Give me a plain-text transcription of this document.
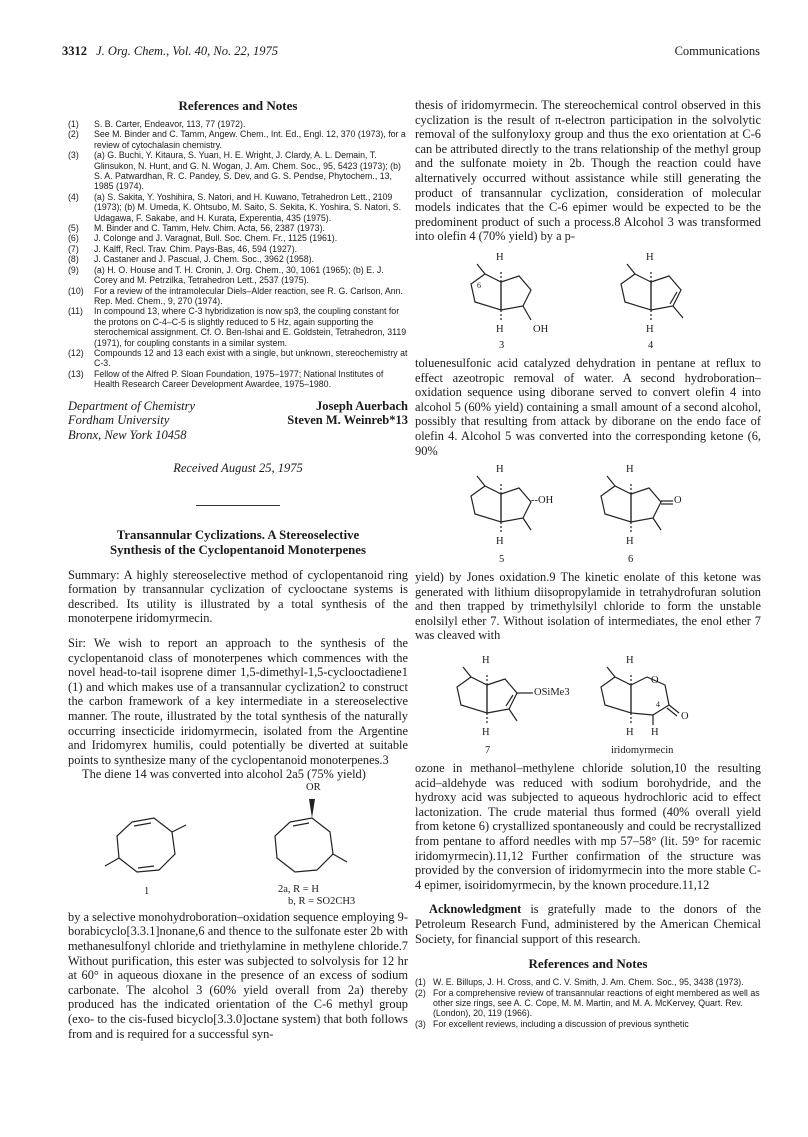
3312 J. Org. Chem., Vol. 40, No. 22, 1975	Communications
References and Notes
(1) S. B. Carter, Endeavor, 113, 77 (1972).
(2) See M. Binder and C. Tamm, Angew. Chem., Int. Ed., Engl. 12, 370 (1973), for a review of cytochalasin chemistry.
(3) (a) G. Buchi, Y. Kitaura, S. Yuan, H. E. Wright, J. Clardy, A. L. Demain, T. Glinsukon, N. Hunt, and G. N. Wogan, J. Am. Chem. Soc., 95, 5423 (1973); (b) S. A. Patwardhan, R. C. Pandey, S. Dev, and G. S. Pendse, Phytochem., 13, 1985 (1974).
(4) (a) S. Sakita, Y. Yoshihira, S. Natori, and H. Kuwano, Tetrahedron Lett., 2109 (1973); (b) M. Umeda, K. Ohtsubo, M. Saito, S. Sekita, K. Yoshira, S. Natori, S. Udagawa, F. Sakabe, and H. Kurata, Experentia, 435 (1975).
(5) M. Binder and C. Tamm, Helv. Chim. Acta, 56, 2387 (1973).
(6) J. Colonge and J. Varagnat, Bull. Soc. Chem. Fr., 1125 (1961).
(7) J. Kalff, Recl. Trav. Chim. Pays-Bas, 46, 594 (1927).
(8) J. Castaner and J. Pascual, J. Chem. Soc., 3962 (1958).
(9) (a) H. O. House and T. H. Cronin, J. Org. Chem., 30, 1061 (1965); (b) E. J. Corey and M. Petrzilka, Tetrahedron Lett., 2537 (1975).
(10) For a review of the intramolecular Diels–Alder reaction, see R. G. Carlson, Ann. Rep. Med. Chem., 9, 270 (1974).
(11) In compound 13, where C-3 hybridization is now sp3, the coupling constant for the protons on C-4–C-5 is slightly reduced to 5 Hz, again supporting the sterochemical assignment. Cf. O. Ben-Ishai and E. Goldstein, Tetrahedron, 3119 (1971), for coupling constants in a similar system.
(12) Compounds 12 and 13 each exist with a single, but unknown, stereochemistry at C-3.
(13) Fellow of the Alfred P. Sloan Foundation, 1975–1977; National Institutes of Health Research Career Development Awardee, 1975–1980.
Department of Chemistry
Fordham University
Bronx, New York 10458
Joseph Auerbach
Steven M. Weinreb*13
Received August 25, 1975
Transannular Cyclizations. A Stereoselective
Synthesis of the Cyclopentanoid Monoterpenes

Summary: A highly stereoselective method of cyclopentanoid ring formation by transannular cyclization of cyclooctane systems is described. Its utility is illustrated by a total synthesis of the monoterpene iridomyrmecin.

Sir: We wish to report an approach to the synthesis of the cyclopentanoid class of monoterpenes which commences with the novel head-to-tail isoprene dimer 1,5-dimethyl-1,5-cyclooctadiene1 (1) and which makes use of a transannular cyclization2 to construct the carbon framework of a key intermediate in a stereoselective manner. The route, illustrated by the total synthesis of the naturally occurring insecticide iridomyrmecin, isolated from the Argentine and Iridomyrex humilis, could potentially be diverted at suitable points to synthesize many of the cyclopentanoid monoterpenes.3

The diene 14 was converted into alcohol 2a5 (75% yield)

OR
1	2a, R = H
b, R = SO2CH3

by a selective monohydroboration–oxidation sequence employing 9-borabicyclo[3.3.1]nonane,6 and thence to the sulfonate ester 2b with methanesulfonyl chloride and triethylamine in methylene chloride.7 Without purification, this ester was subjected to solvolysis for 12 hr at 60° in aqueous dioxane in the presence of an excess of sodium carbonate. The alcohol 3 (60% yield overall from 2a) thereby produced has the indicated orientation of the C-6 methyl group (exo- to the cis-fused bicyclo[3.3.0]octane system) that both follows from and is required for a successful syn-

thesis of iridomyrmecin. The stereochemical control observed in this cyclization is the result of π-electron participation in the solvolytic removal of the sulfonyloxy group and thus the exo orientation at C-6 can be attributed directly to the trans relationship of the methyl group and the sulfonate moiety in 2b. Though the reaction could have alternatively occurred without assistance while still generating the product of transannular cyclization, consideration of molecular models indicates that the C-6 epimer would be expected to be the predominent product of such a process.8 Alcohol 3 was transformed into olefin 4 (70% yield) by a p-

H
H
6
OH
H
H
3	4

toluenesulfonic acid catalyzed dehydration in pentane at reflux to effect azeotropic removal of water. A second hydroboration–oxidation sequence using diborane served to convert olefin 4 into alcohol 5 (60% yield) containing a small amount of a second alcohol, possibly that resulting from attack by diborane on the endo face of olefin 4. Alcohol 5 was converted into the corresponding ketone (6, 90%

H
H
--OH
H
H
O
5	6

yield) by Jones oxidation.9 The kinetic enolate of this ketone was generated with lithium diisopropylamide in tetrahydrofuran solution and then trapped by trimethylsilyl chloride to form the unstable enolsilyl ether 7. Without isolation of intermediates, the enol ether 7 was cleaved with

H
H
OSiMe3
H
H H
O
O
4
7	iridomyrmecin

ozone in methanol–methylene chloride solution,10 the resulting acid–aldehyde was reduced with sodium borohydride, and the hydroxy acid was subjected to aqueous hydrochloric acid to effect lactonization. The crude material thus formed (40% overall yield from ketone 6) crystallized spontaneously and could be recrystallized from pentane to afford needles with mp 57–58° (lit. 59° for racemic iridomyrmecin).11,12 Further confirmation of the structure was provided by the conversion of iridomyrmecin into the more stable C-4 epimer, isoiridomyrmecin, by the known procedure.11,12

Acknowledgment is gratefully made to the donors of the Petroleum Research Fund, administered by the American Chemical Society, for financial support of this research.

References and Notes
(1) W. E. Billups, J. H. Cross, and C. V. Smith, J. Am. Chem. Soc., 95, 3438 (1973).
(2) For a comprehensive review of transannular reactions of eight membered as well as other size rings, see A. C. Cope, M. M. Martin, and M. A. McKervey, Quart. Rev. (London), 20, 119 (1966).
(3) For excellent reviews, including a discussion of previous synthetic
